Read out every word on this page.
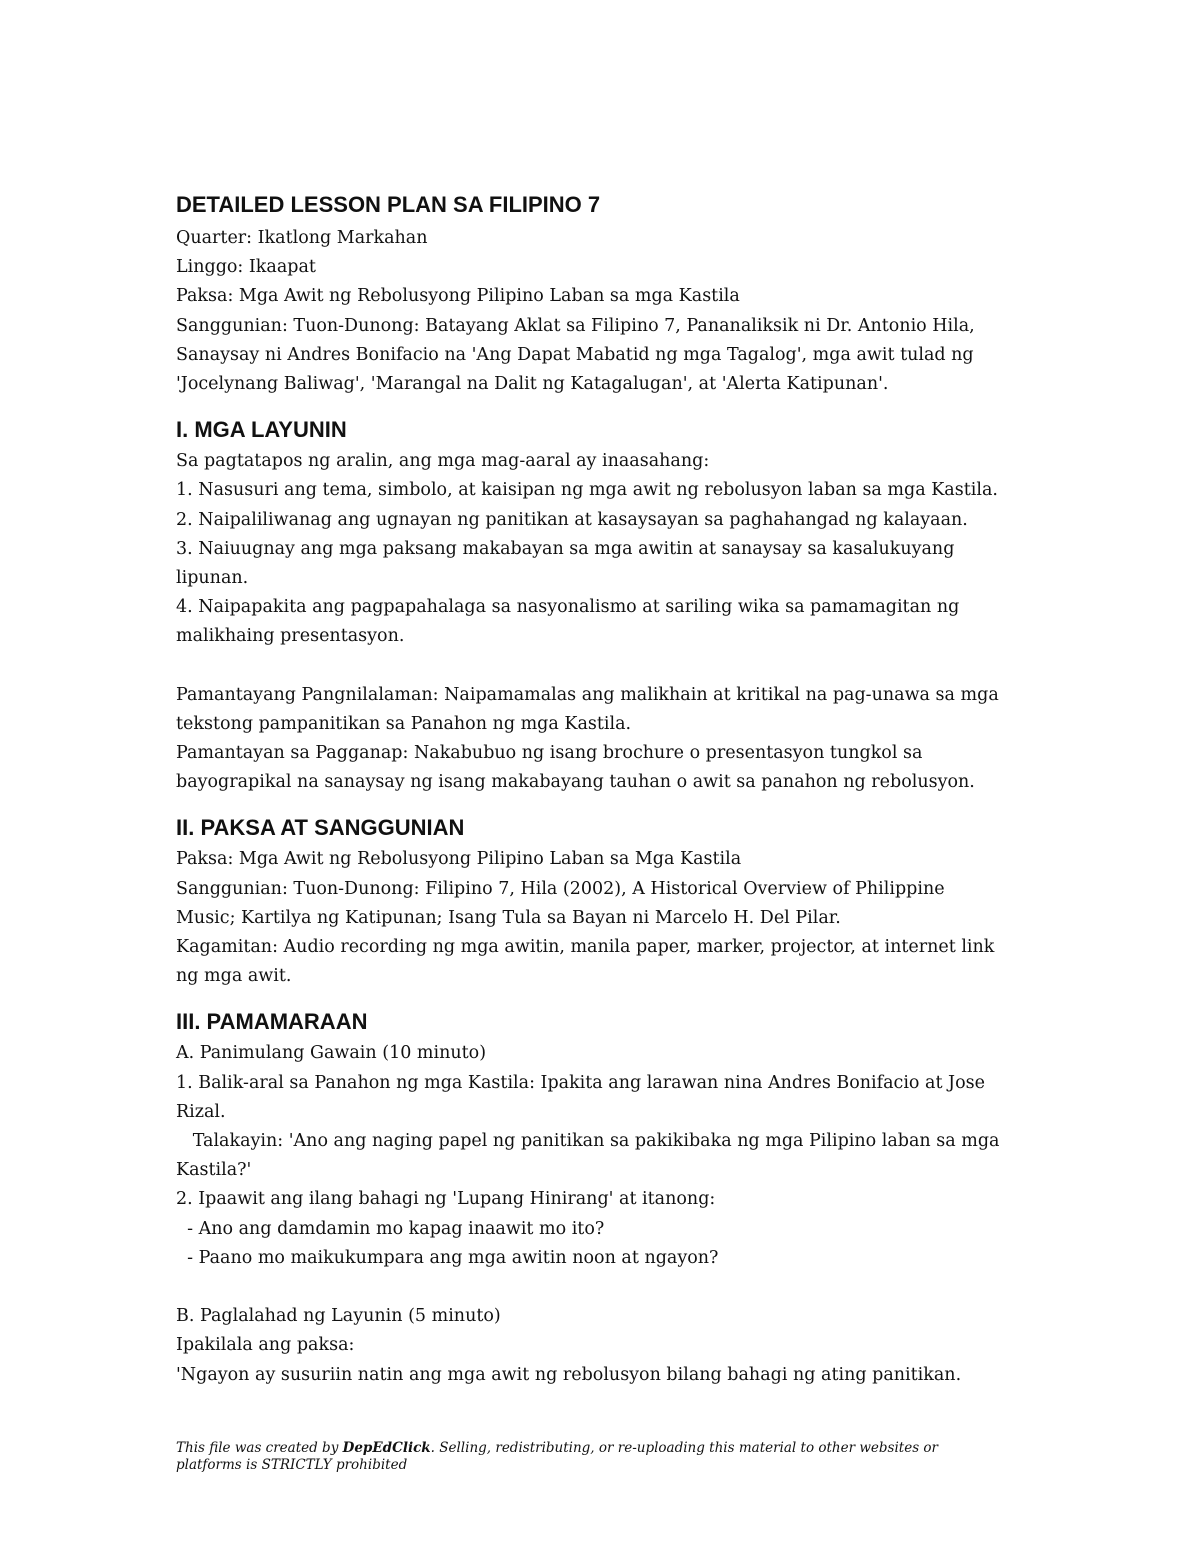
DETAILED LESSON PLAN SA FILIPINO 7

Quarter: Ikatlong Markahan

Linggo: Ikaapat

Paksa: Mga Awit ng Rebolusyong Pilipino Laban sa mga Kastila

Sanggunian: Tuon-Dunong: Batayang Aklat sa Filipino 7, Pananaliksik ni Dr. Antonio Hila,

Sanaysay ni Andres Bonifacio na 'Ang Dapat Mabatid ng mga Tagalog', mga awit tulad ng

'Jocelynang Baliwag', 'Marangal na Dalit ng Katagalugan', at 'Alerta Katipunan'.

I. MGA LAYUNIN

Sa pagtatapos ng aralin, ang mga mag-aaral ay inaasahang:

1. Nasusuri ang tema, simbolo, at kaisipan ng mga awit ng rebolusyon laban sa mga Kastila.

2. Naipaliliwanag ang ugnayan ng panitikan at kasaysayan sa paghahangad ng kalayaan.

3. Naiuugnay ang mga paksang makabayan sa mga awitin at sanaysay sa kasalukuyang

lipunan.

4. Naipapakita ang pagpapahalaga sa nasyonalismo at sariling wika sa pamamagitan ng

malikhaing presentasyon.

Pamantayang Pangnilalaman: Naipamamalas ang malikhain at kritikal na pag-unawa sa mga

tekstong pampanitikan sa Panahon ng mga Kastila.

Pamantayan sa Pagganap: Nakabubuo ng isang brochure o presentasyon tungkol sa

bayograpikal na sanaysay ng isang makabayang tauhan o awit sa panahon ng rebolusyon.

II. PAKSA AT SANGGUNIAN

Paksa: Mga Awit ng Rebolusyong Pilipino Laban sa Mga Kastila

Sanggunian: Tuon-Dunong: Filipino 7, Hila (2002), A Historical Overview of Philippine

Music; Kartilya ng Katipunan; Isang Tula sa Bayan ni Marcelo H. Del Pilar.

Kagamitan: Audio recording ng mga awitin, manila paper, marker, projector, at internet link

ng mga awit.

III. PAMAMARAAN

A. Panimulang Gawain (10 minuto)

1. Balik-aral sa Panahon ng mga Kastila: Ipakita ang larawan nina Andres Bonifacio at Jose

Rizal.

Talakayin: 'Ano ang naging papel ng panitikan sa pakikibaka ng mga Pilipino laban sa mga

Kastila?'

2. Ipaawit ang ilang bahagi ng 'Lupang Hinirang' at itanong:

- Ano ang damdamin mo kapag inaawit mo ito?

- Paano mo maikukumpara ang mga awitin noon at ngayon?

B. Paglalahad ng Layunin (5 minuto)

Ipakilala ang paksa:

'Ngayon ay susuriin natin ang mga awit ng rebolusyon bilang bahagi ng ating panitikan.

This file was created by DepEdClick. Selling, redistributing, or re-uploading this material to other websites or platforms is STRICTLY prohibited
